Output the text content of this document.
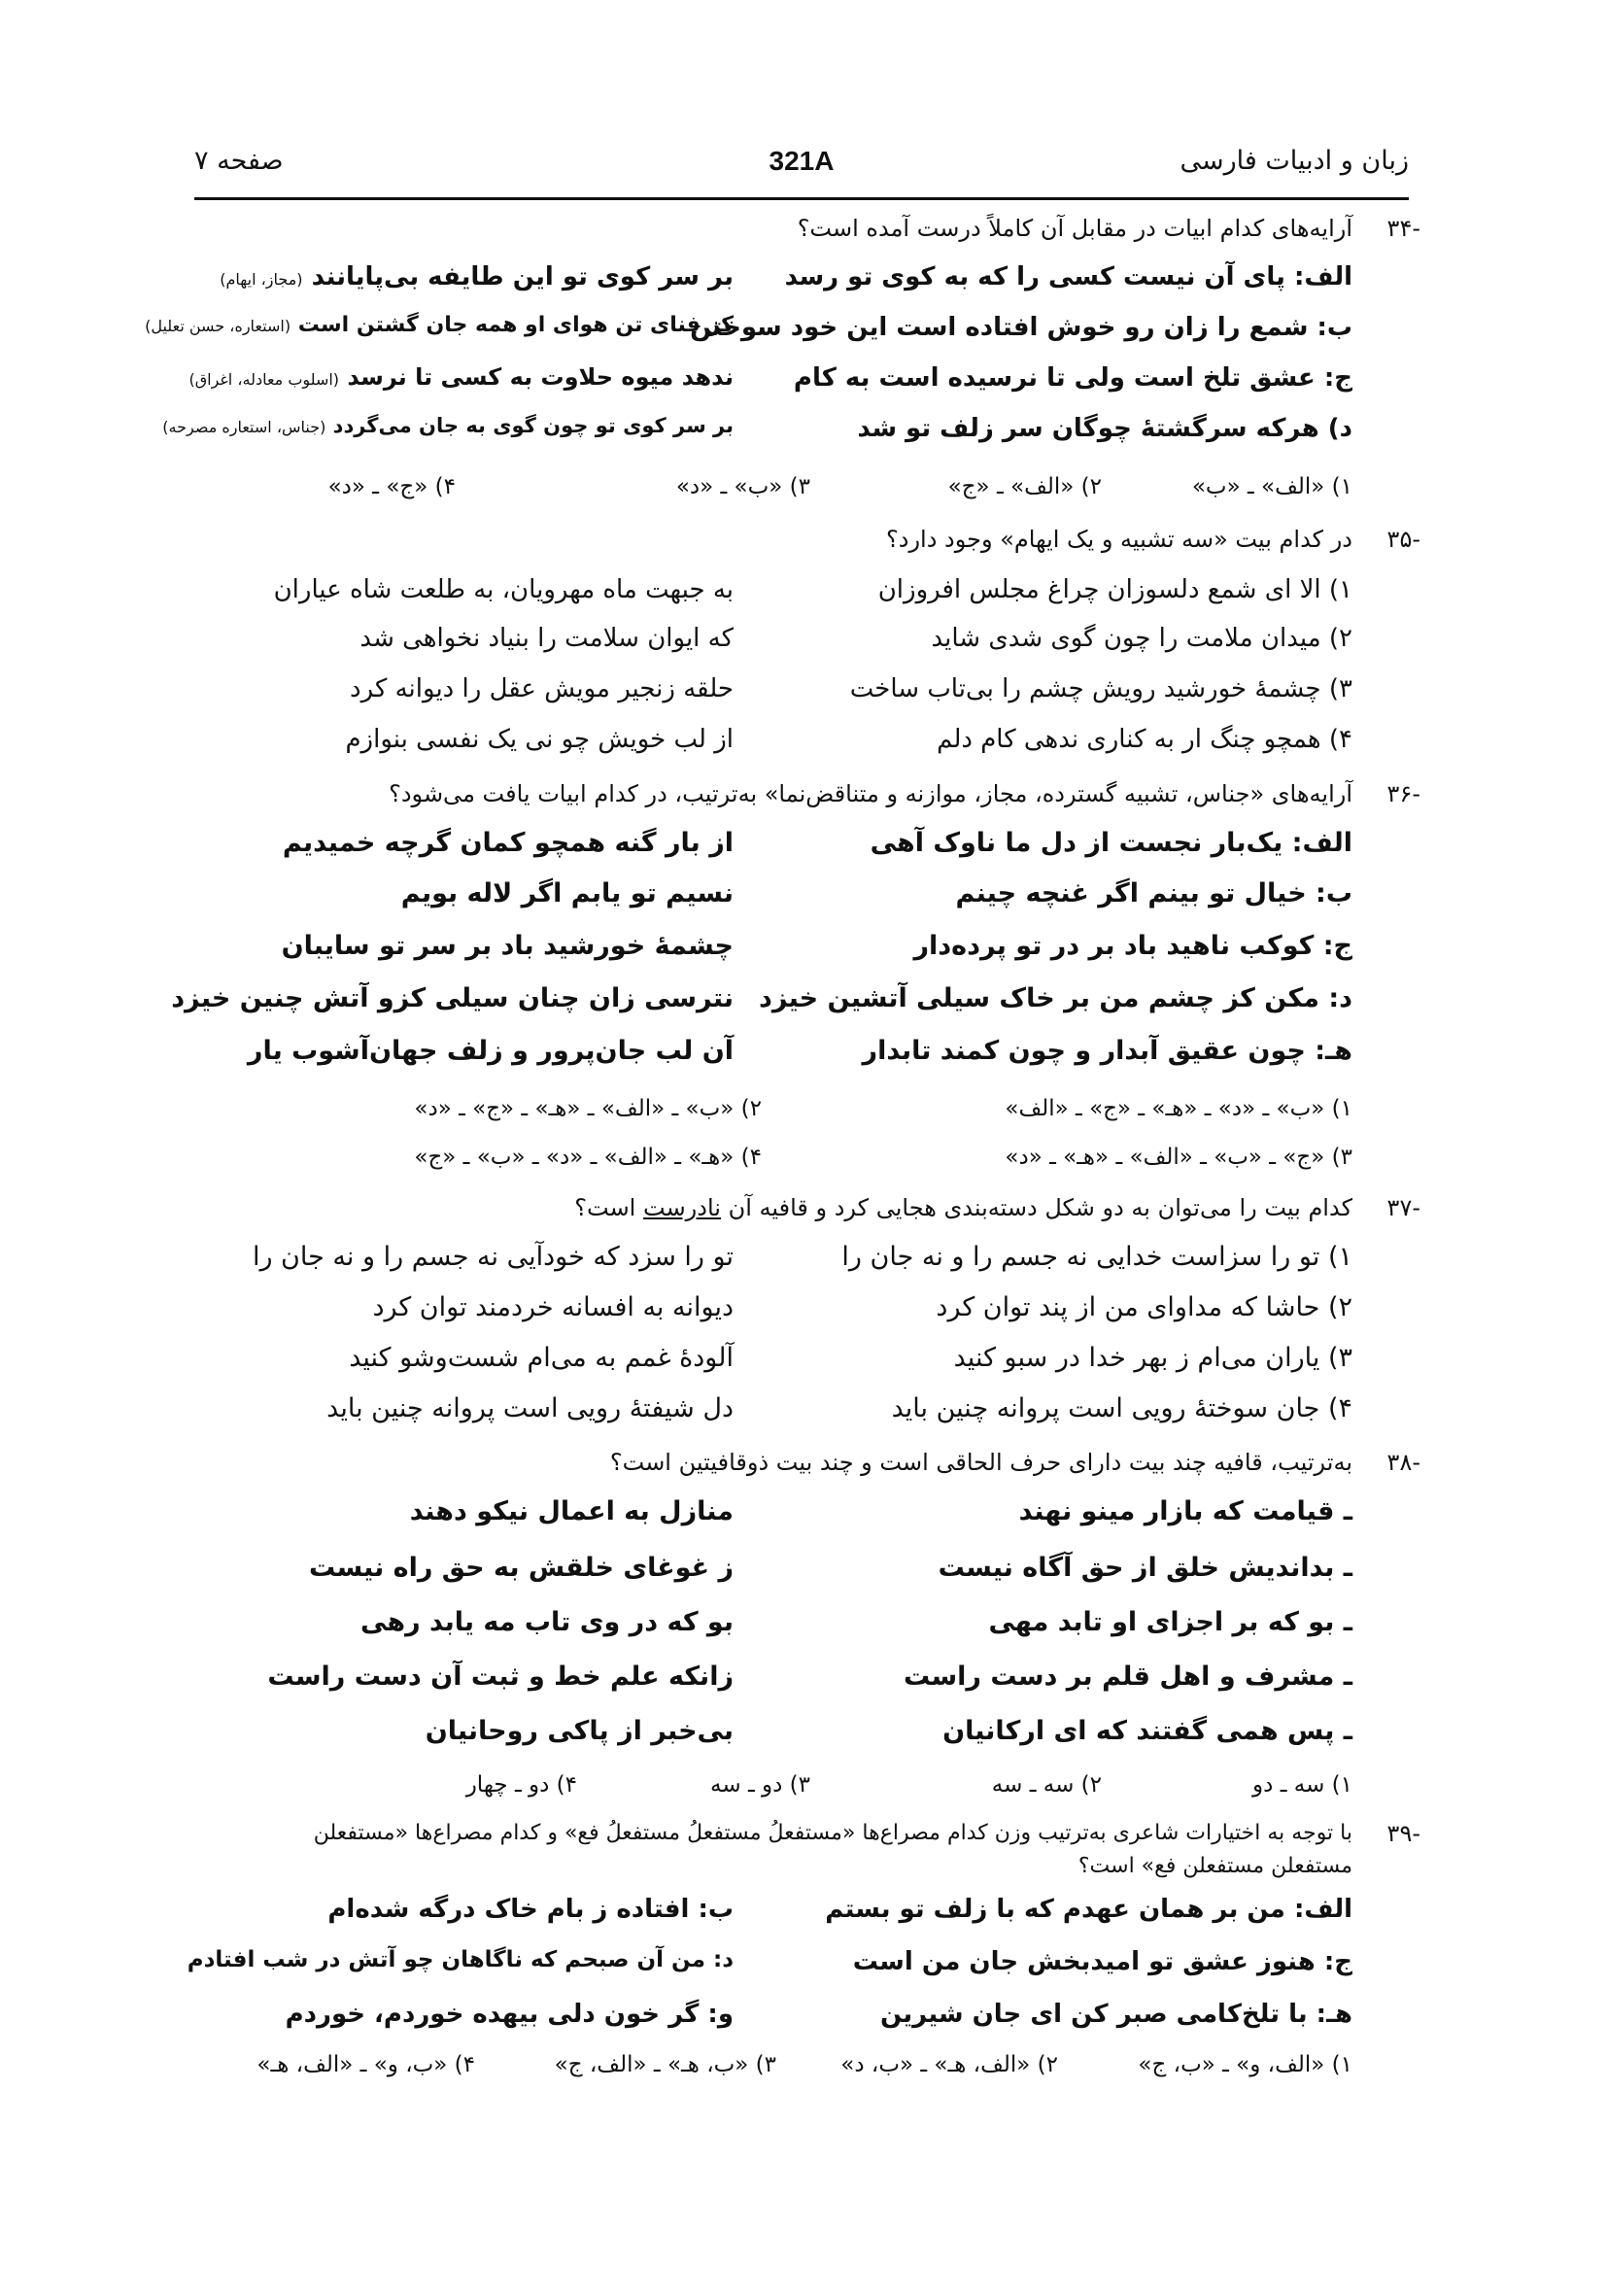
زبان و ادبیات فارسی
321A
صفحه ۷
-۳۴
آرایه‌های کدام ابیات در مقابل آن کاملاً درست آمده است؟
الف: پای آن نیست کسی را که به کوی تو رسد
بر سر کوی تو این طایفه بی‌پایانند (مجاز، ایهام)
ب: شمع را زان رو خوش افتاده است این خود سوختن
کز فنای تن هوای او همه جان گشتن است (استعاره، حسن تعلیل)
ج: عشق تلخ است ولی تا نرسیده است به کام
ندهد میوه حلاوت به کسی تا نرسد (اسلوب معادله، اغراق)
د) هرکه سرگشتهٔ چوگان سر زلف تو شد
بر سر کوی تو چون گوی به جان می‌گردد (جناس، استعاره مصرحه)
۱) «الف» ـ «ب»
۲) «الف» ـ «ج»
۳) «ب» ـ «د»
۴) «ج» ـ «د»
-۳۵
در کدام بیت «سه تشبیه و یک ایهام» وجود دارد؟
۱) الا ای شمع دلسوزان چراغ مجلس افروزان
به جبهت ماه مهرویان، به طلعت شاه عیاران
۲) میدان ملامت را چون گوی شدی شاید
که ایوان سلامت را بنیاد نخواهی شد
۳) چشمهٔ خورشید رویش چشم را بی‌تاب ساخت
حلقه زنجیر مویش عقل را دیوانه کرد
۴) همچو چنگ ار به کناری ندهی کام دلم
از لب خویش چو نی یک نفسی بنوازم
-۳۶
آرایه‌های «جناس، تشبیه گسترده، مجاز، موازنه و متناقض‌نما» به‌ترتیب، در کدام ابیات یافت می‌شود؟
الف: یک‌بار نجست از دل ما ناوک آهی
از بار گنه همچو کمان گرچه خمیدیم
ب: خیال تو بینم اگر غنچه چینم
نسیم تو یابم اگر لاله بویم
ج: کوکب ناهید باد بر در تو پرده‌دار
چشمهٔ خورشید باد بر سر تو سایبان
د: مکن کز چشم من بر خاک سیلی آتشین خیزد
نترسی زان چنان سیلی کزو آتش چنین خیزد
هـ: چون عقیق آبدار و چون کمند تابدار
آن لب جان‌پرور و زلف جهان‌آشوب یار
۱) «ب» ـ «د» ـ «هـ» ـ «ج» ـ «الف»
۲) «ب» ـ «الف» ـ «هـ» ـ «ج» ـ «د»
۳) «ج» ـ «ب» ـ «الف» ـ «هـ» ـ «د»
۴) «هـ» ـ «الف» ـ «د» ـ «ب» ـ «ج»
-۳۷
کدام بیت را می‌توان به دو شکل دسته‌بندی هجایی کرد و قافیه آن نادرست است؟
۱) تو را سزاست خدایی نه جسم را و نه جان را
تو را سزد که خودآیی نه جسم را و نه جان را
۲) حاشا که مداوای من از پند توان کرد
دیوانه به افسانه خردمند توان کرد
۳) یاران می‌ام ز بهر خدا در سبو کنید
آلودهٔ غمم به می‌ام شست‌وشو کنید
۴) جان سوختهٔ رویی است پروانه چنین باید
دل شیفتهٔ رویی است پروانه چنین باید
-۳۸
به‌ترتیب، قافیه چند بیت دارای حرف الحاقی است و چند بیت ذوقافیتین است؟
ـ قیامت که بازار مینو نهند
منازل به اعمال نیکو دهند
ـ بداندیش خلق از حق آگاه نیست
ز غوغای خلقش به حق راه نیست
ـ بو که بر اجزای او تابد مهی
بو که در وی تاب مه یابد رهی
ـ مشرف و اهل قلم بر دست راست
زانکه علم خط و ثبت آن دست راست
ـ پس همی گفتند که ای ارکانیان
بی‌خبر از پاکی روحانیان
۱) سه ـ دو
۲) سه ـ سه
۳) دو ـ سه
۴) دو ـ چهار
-۳۹
با توجه به اختیارات شاعری به‌ترتیب وزن کدام مصراع‌ها «مستفعلُ مستفعلُ مستفعلُ فع» و کدام مصراع‌ها «مستفعلن
مستفعلن مستفعلن فع» است؟
الف: من بر همان عهدم که با زلف تو بستم
ب: افتاده ز بام خاک درگه شده‌ام
ج: هنوز عشق تو امیدبخش جان من است
د: من آن صبحم که ناگاهان چو آتش در شب افتادم
هـ: با تلخ‌کامی صبر کن ای جان شیرین
و: گر خون دلی بیهده خوردم، خوردم
۱) «الف، و» ـ «ب، ج»
۲) «الف، هـ» ـ «ب، د»
۳) «ب، هـ» ـ «الف، ج»
۴) «ب، و» ـ «الف، هـ»
